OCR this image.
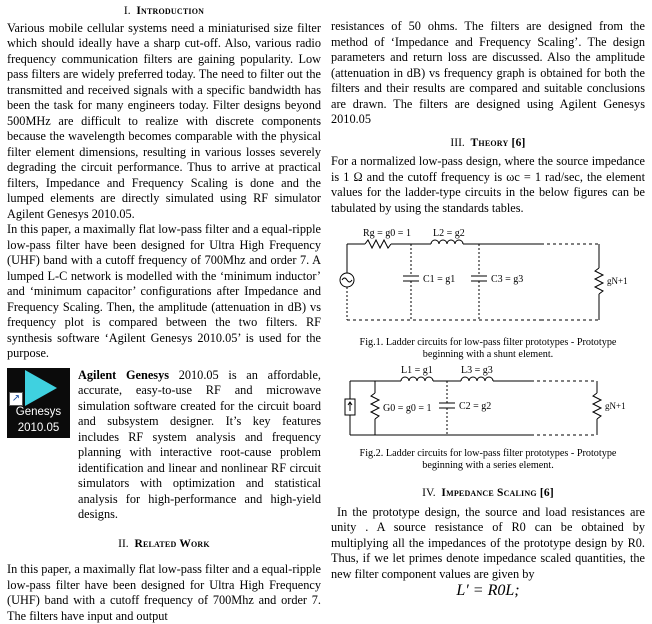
I. Introduction

Various mobile cellular systems need a miniaturised size filter which should ideally have a sharp cut-off. Also, various radio frequency communication filters are gaining popularity. Low pass filters are widely preferred today. The need to filter out the transmitted and received signals with a specific bandwidth has been the task for many engineers today. Filter designs beyond 500MHz are difficult to realize with discrete components because the wavelength becomes comparable with the physical filter element dimensions, resulting in various losses severely degrading the circuit performance. Thus to arrive at practical filters, Impedance and Frequency Scaling is done and the lumped elements are directly simulated using RF simulator Agilent Genesys 2010.05.

In this paper, a maximally flat low-pass filter and a equal-ripple low-pass filter have been designed for Ultra High Frequency (UHF) band with a cutoff frequency of 700Mhz and order 7. A lumped L-C network is modelled with the ‘minimum inductor’ and ‘minimum capacitor’ configurations after Impedance and Frequency Scaling. Then, the amplitude (attenuation in dB) vs frequency plot is compared between the two filters. RF synthesis software ‘Agilent Genesys 2010.05’ is used for the purpose.

↗
Genesys
2010.05
Agilent Genesys 2010.05 is an affordable, accurate, easy-to-use RF and microwave simulation software created for the circuit board and subsystem designer. It’s key features includes RF system analysis and frequency planning with interactive root-cause problem identification and linear and nonlinear RF circuit simulators with optimization and statistical analysis for high-performance and high-yield designs.

II. Related Work

In this paper, a maximally flat low-pass filter and a equal-ripple low-pass filter have been designed for Ultra High Frequency (UHF) band with a cutoff frequency of 700Mhz and order 7. The filters have input and output

resistances of 50 ohms. The filters are designed from the method of ‘Impedance and Frequency Scaling’. The design parameters and return loss are discussed. Also the amplitude (attenuation in dB) vs frequency graph is obtained for both the filters and their results are compared and suitable conclusions are drawn. The filters are designed using Agilent Genesys 2010.05

III. Theory [6]

For a normalized low-pass design, where the source impedance is 1 Ω and the cutoff frequency is ωc = 1 rad/sec, the element values for the ladder-type circuits in the below figures can be tabulated by using the standards tables.

Rg = g0 = 1 L2 = g2
C1 = g1	C3 = g3	gN+1

Fig.1. Ladder circuits for low-pass filter prototypes - Prototype beginning with a shunt element.

L1 = g1	L3 = g3
G0 = g0 = 1	C2 = g2	gN+1

Fig.2. Ladder circuits for low-pass filter prototypes - Prototype beginning with a series element.

IV. Impedance Scaling [6]

In the prototype design, the source and load resistances are unity . A source resistance of R0 can be obtained by multiplying all the impedances of the prototype design by R0. Thus, if we let primes denote impedance scaled quantities, the new filter component values are given by

L′ = R0L;
